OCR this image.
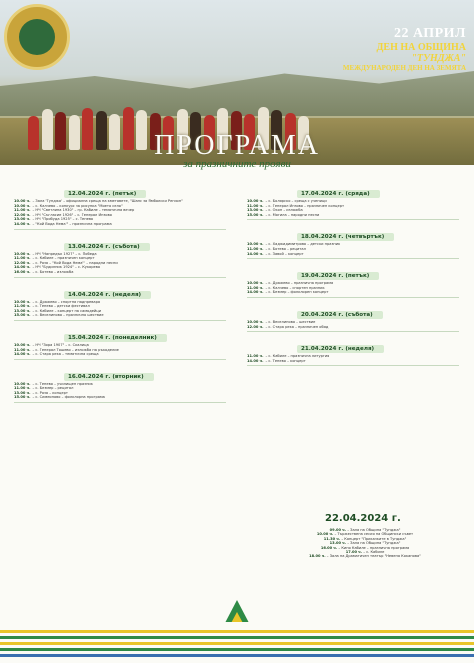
22 АПРИЛ
ДЕН НА ОБЩИНА
"ТУНДЖА"
МЕЖДУНАРОДЕН ДЕН НА ЗЕМЯТА
ПРОГРАМА
за празничните прояви
12.04.2024 г. (петък)
10.00 ч. – Зала 'Тунджа' – официална среща на кметовете, "Шанс за Ямболски Регион"
10.00 ч. – с. Калчево – конкурс за рисунка "Моето село"
11.00 ч. – НЧ "Светлина 1930" – гр. Кабиле – тематична вечер
12.00 ч. – НЧ "Съгласие 1926" – с. Генерал Инзово
13.00 ч. – НЧ "Пробуда 1925" – с. Тенево
14.00 ч. – "Кой Вода Нема'" – празнична програма
13.04.2024 г. (събота)
10.00 ч. – НЧ "Напредък 1927" – с. Победа
11.00 ч. – с. Кабиле – празничен концерт
12.00 ч. – с. Роза – "Кой Вода Нема'" – народни песни
14.00 ч. – НЧ "Будилник 1924" – с. Кукорево
16.00 ч. – с. Ботево – изложба
14.04.2024 г. (неделя)
10.00 ч. – с. Дражево – спортна надпревара
11.00 ч. – с. Тенево – детски фестивал
13.00 ч. – с. Кабиле – концерт на самодейци
15.00 ч. – с. Веселиново – празнично шествие
15.04.2024 г. (понеделник)
10.00 ч. – НЧ "Зора 1907" – с. Скалица
11.00 ч. – с. Генерал Тошево – изложба на ръкоделие
14.00 ч. – с. Стара река – тематична среща
16.04.2024 г. (вторник)
10.00 ч. – с. Тенево – училищен празник
11.00 ч. – с. Безмер – рецитал
13.00 ч. – с. Роза – концерт
15.00 ч. – с. Симеоново – фолклорна програма
17.04.2024 г. (сряда)
10.00 ч. – с. Болярско – среща с ученици
11.00 ч. – с. Генерал Инзово – празничен концерт
13.00 ч. – с. Окоп – изложба
15.00 ч. – с. Могила – народни песни
18.04.2024 г. (четвъртък)
10.00 ч. – с. Хаджидимитрово – детски празник
11.00 ч. – с. Ботево – рецитал
14.00 ч. – с. Завой – концерт
19.04.2024 г. (петък)
10.00 ч. – с. Дражево – празнична програма
11.00 ч. – с. Калчево – спортен празник
14.00 ч. – с. Безмер – фолклорен концерт
20.04.2024 г. (събота)
10.00 ч. – с. Веселиново – шествие
12.00 ч. – с. Стара река – празничен обяд
21.04.2024 г. (неделя)
11.00 ч. – с. Кабиле – празнична литургия
14.00 ч. – с. Тенево – концерт
22.04.2024 г.
09.00 ч. – Зала на Община "Тунджа"
10.00 ч. – Тържествена сесия на Общински съвет
11.30 ч. – Концерт "Приказките в Тунджа"
13.00 ч. – Зала на Община "Тунджа"
16.00 ч. – Кино Кабиле – празнична програма
17.00 ч. – с. Кабиле
18.00 ч. – Зала на Драматичен театър "Невена Коканова"
